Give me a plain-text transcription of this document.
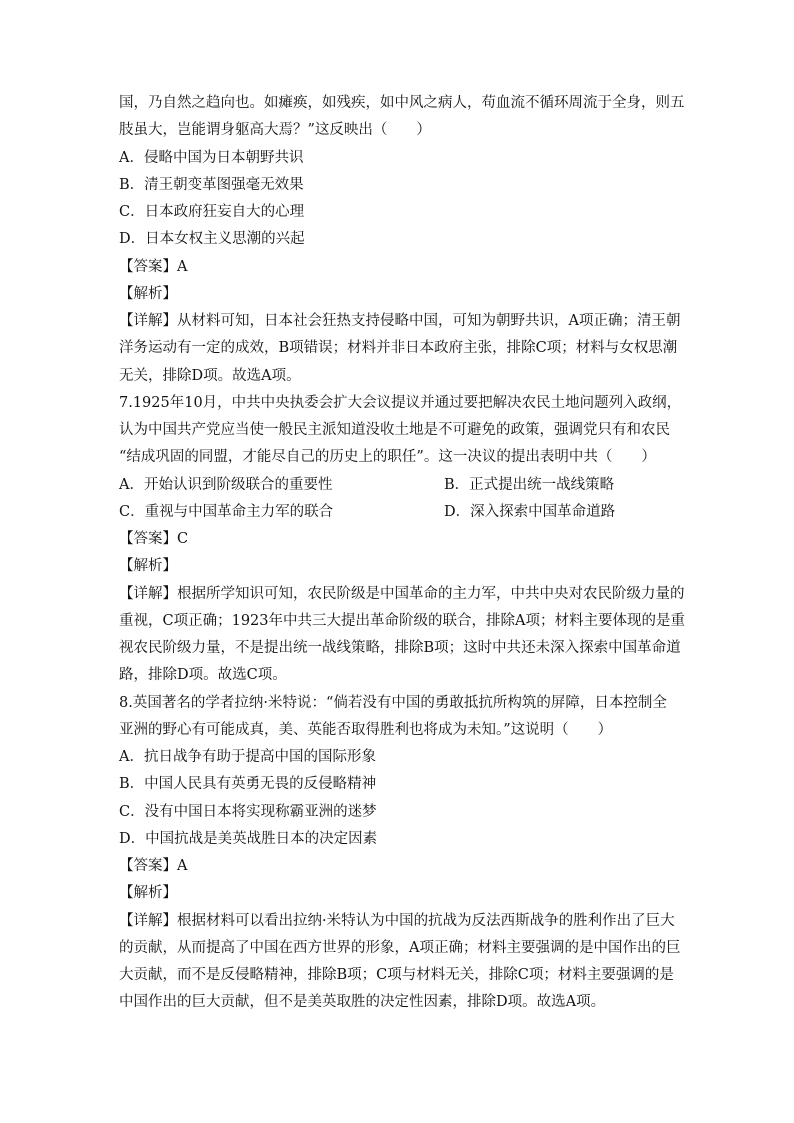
国，乃自然之趋向也。如瘫痪，如残疾，如中风之病人，苟血流不循环周流于全身，则五
肢虽大，岂能谓身躯高大焉？”这反映出（　　）
A．侵略中国为日本朝野共识
B．清王朝变革图强毫无效果
C．日本政府狂妄自大的心理
D．日本女权主义思潮的兴起
【答案】A
【解析】
【详解】从材料可知，日本社会狂热支持侵略中国，可知为朝野共识，A项正确；清王朝
洋务运动有一定的成效，B项错误；材料并非日本政府主张，排除C项；材料与女权思潮
无关，排除D项。故选A项。
7.1925年10月，中共中央执委会扩大会议提议并通过要把解决农民土地问题列入政纲，
认为中国共产党应当使一般民主派知道没收土地是不可避免的政策，强调党只有和农民
“结成巩固的同盟，才能尽自己的历史上的职任”。这一决议的提出表明中共（　　）
A．开始认识到阶级联合的重要性	B．正式提出统一战线策略
C．重视与中国革命主力军的联合	D．深入探索中国革命道路
【答案】C
【解析】
【详解】根据所学知识可知，农民阶级是中国革命的主力军，中共中央对农民阶级力量的
重视，C项正确；1923年中共三大提出革命阶级的联合，排除A项；材料主要体现的是重
视农民阶级力量，不是提出统一战线策略，排除B项；这时中共还未深入探索中国革命道
路，排除D项。故选C项。
8.英国著名的学者拉纳·米特说：“倘若没有中国的勇敢抵抗所构筑的屏障，日本控制全
亚洲的野心有可能成真，美、英能否取得胜利也将成为未知。”这说明（　　）
A．抗日战争有助于提高中国的国际形象
B．中国人民具有英勇无畏的反侵略精神
C．没有中国日本将实现称霸亚洲的迷梦
D．中国抗战是美英战胜日本的决定因素
【答案】A
【解析】
【详解】根据材料可以看出拉纳·米特认为中国的抗战为反法西斯战争的胜利作出了巨大
的贡献，从而提高了中国在西方世界的形象，A项正确；材料主要强调的是中国作出的巨
大贡献，而不是反侵略精神，排除B项；C项与材料无关，排除C项；材料主要强调的是
中国作出的巨大贡献，但不是美英取胜的决定性因素，排除D项。故选A项。
